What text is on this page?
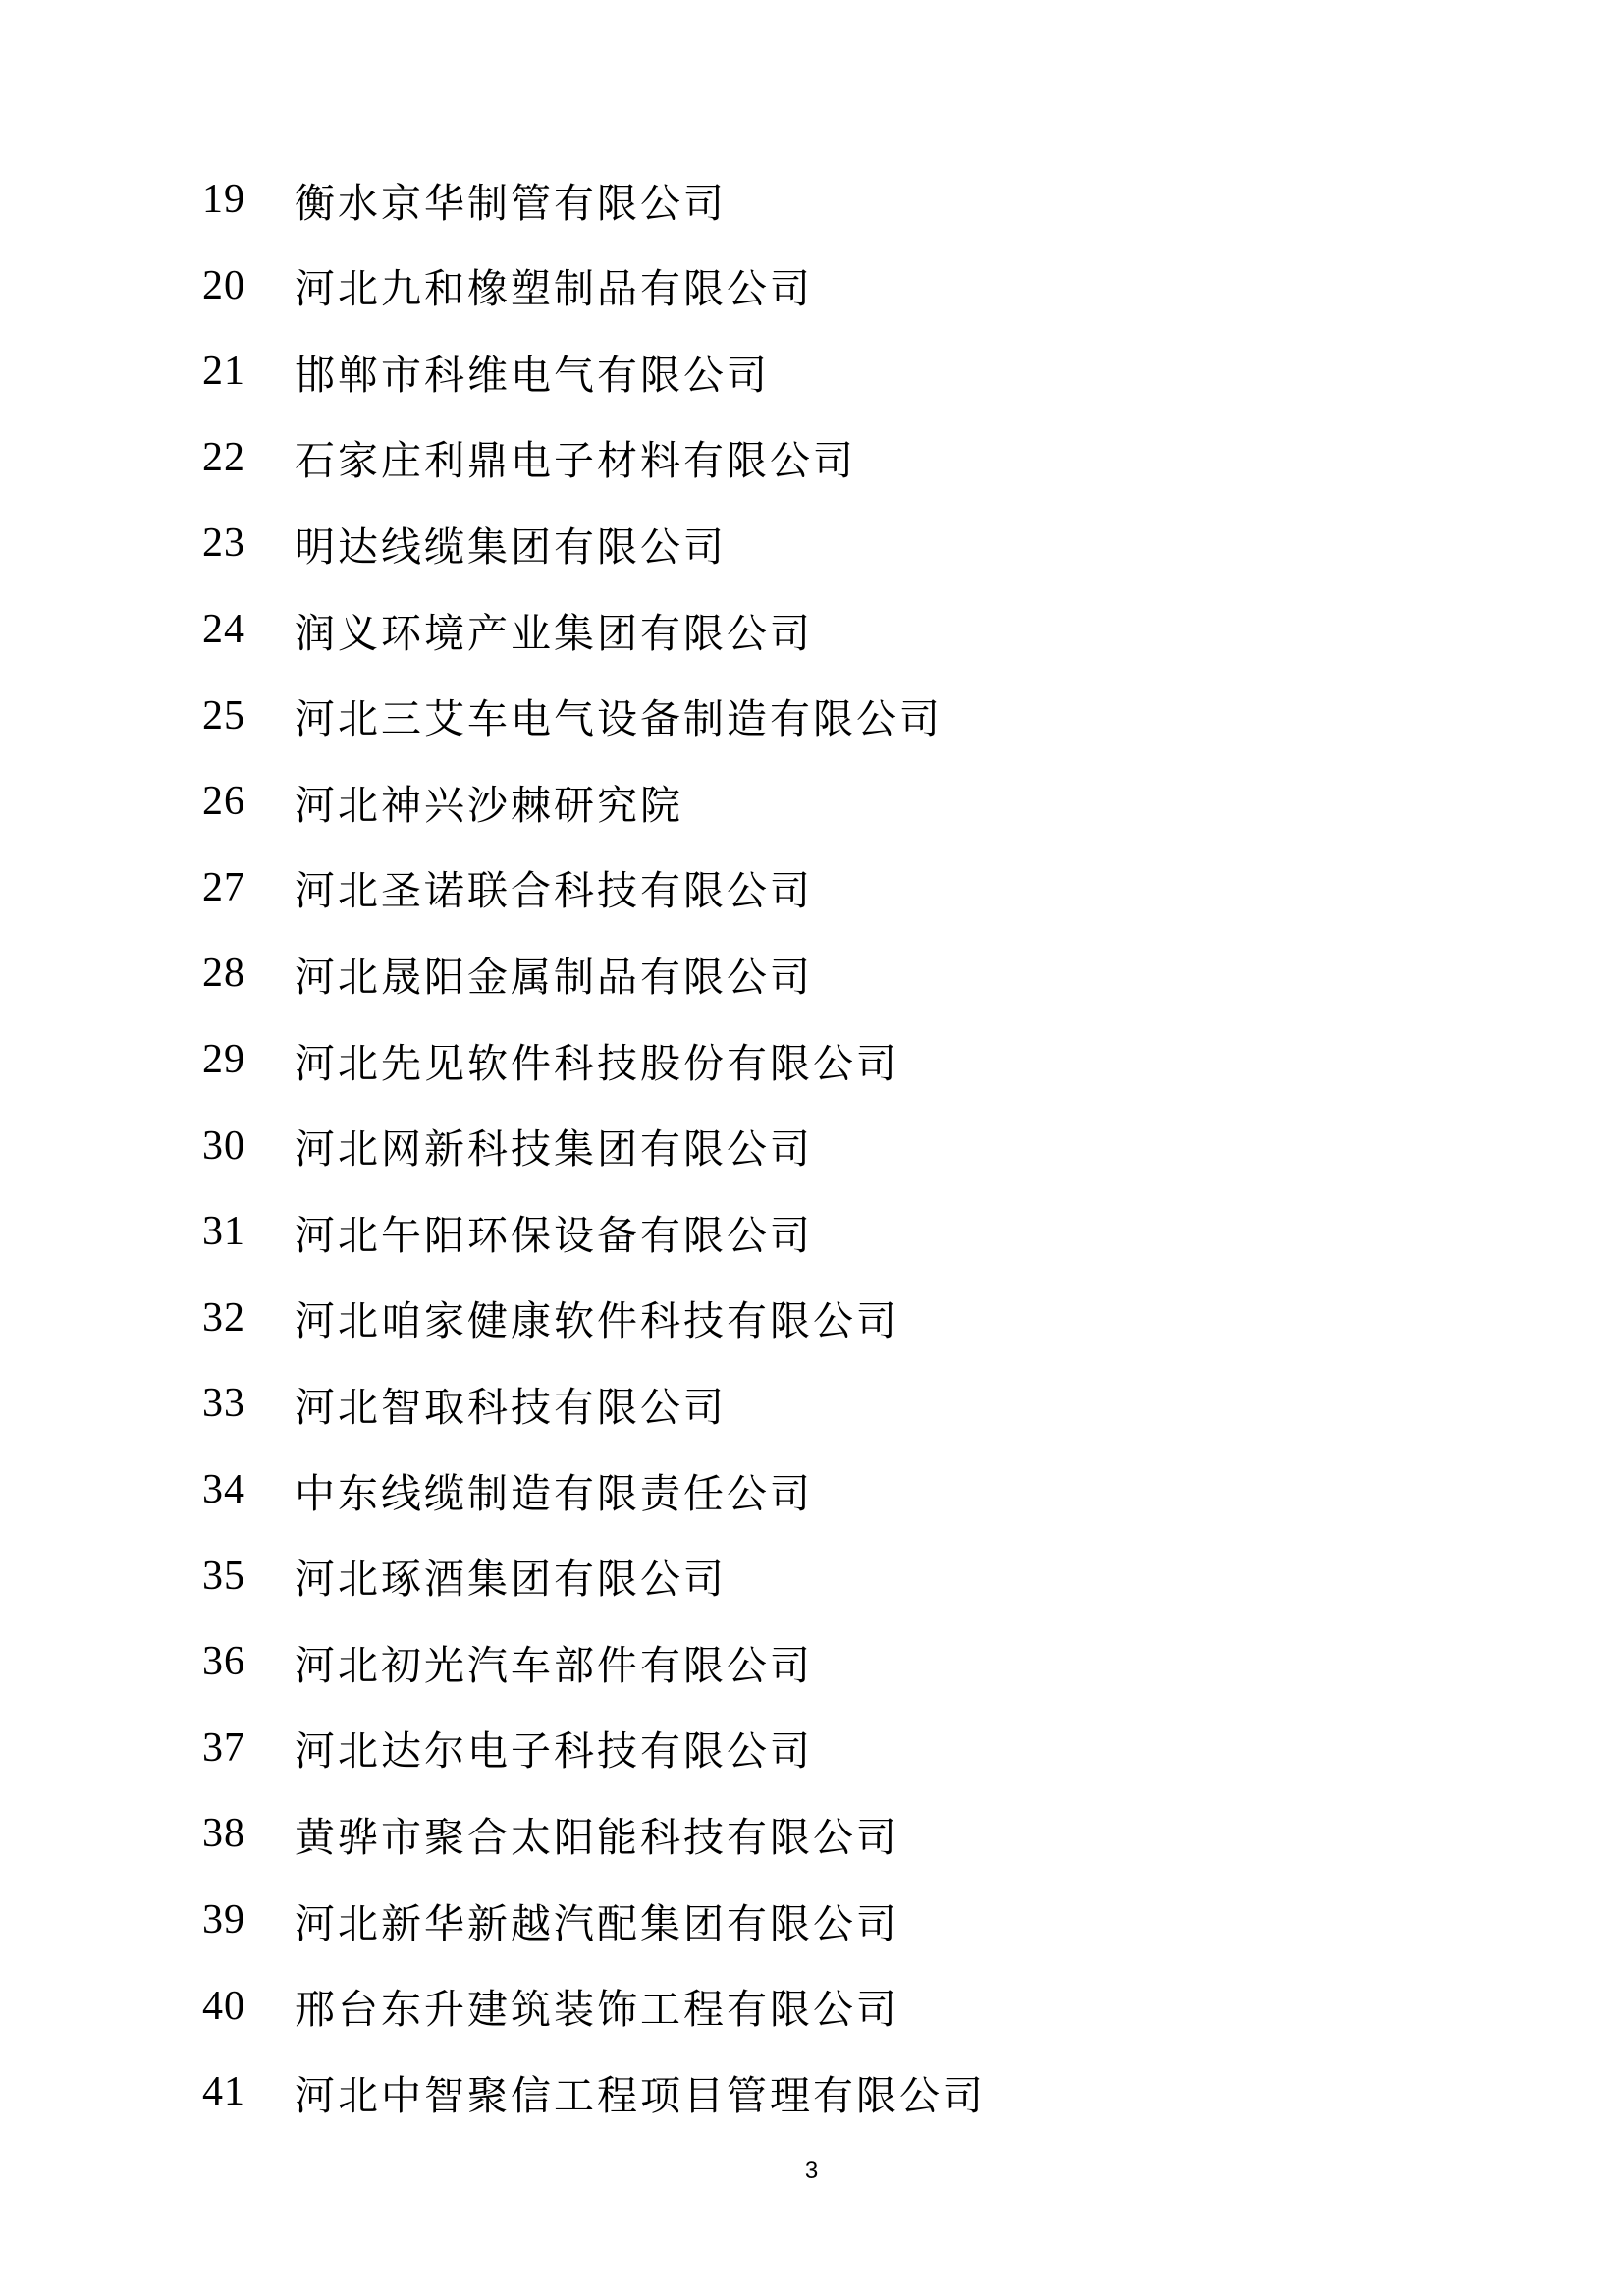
19	衡水京华制管有限公司
20	河北九和橡塑制品有限公司
21	邯郸市科维电气有限公司
22	石家庄利鼎电子材料有限公司
23	明达线缆集团有限公司
24	润义环境产业集团有限公司
25	河北三艾车电气设备制造有限公司
26	河北神兴沙棘研究院
27	河北圣诺联合科技有限公司
28	河北晟阳金属制品有限公司
29	河北先见软件科技股份有限公司
30	河北网新科技集团有限公司
31	河北午阳环保设备有限公司
32	河北咱家健康软件科技有限公司
33	河北智取科技有限公司
34	中东线缆制造有限责任公司
35	河北琢酒集团有限公司
36	河北初光汽车部件有限公司
37	河北达尔电子科技有限公司
38	黄骅市聚合太阳能科技有限公司
39	河北新华新越汽配集团有限公司
40	邢台东升建筑装饰工程有限公司
41	河北中智聚信工程项目管理有限公司
3
